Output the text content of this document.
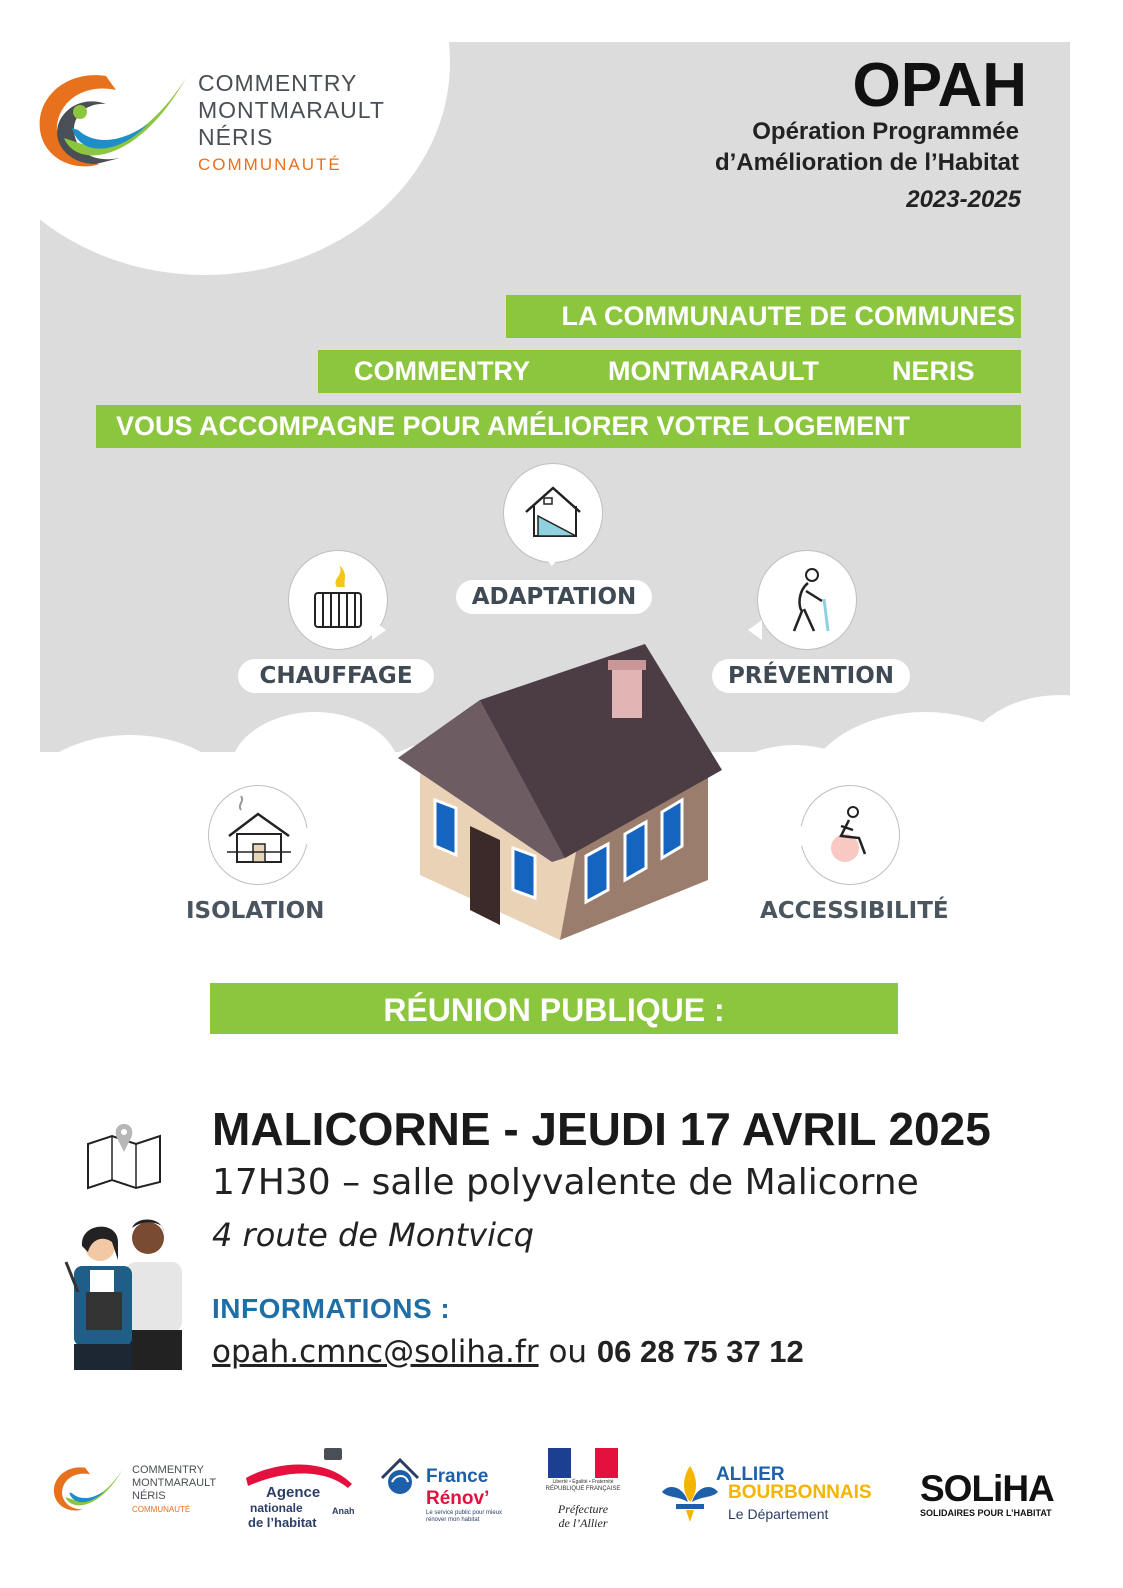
COMMENTRY
MONTMARAULT
NÉRIS
COMMUNAUTÉ
OPAH
Opération Programmée
d’Amélioration de l’Habitat
2023-2025
LA COMMUNAUTE DE COMMUNES
COMMENTRY	MONTMARAULT	NERIS
VOUS ACCOMPAGNE POUR AMÉLIORER VOTRE LOGEMENT
ADAPTATION
CHAUFFAGE	PRÉVENTION
ISOLATION	ACCESSIBILITÉ
RÉUNION PUBLIQUE :
MALICORNE - JEUDI 17 AVRIL 2025
17H30 – salle polyvalente de Malicorne
4 route de Montvicq
INFORMATIONS :
opah.cmnc@soliha.fr ou 06 28 75 37 12
COMMENTRY
MONTMARAULT
NÉRIS
COMMUNAUTÉ
Agence
nationale
de l’habitat
Anah
France
Rénov’
Le service public pour mieux rénover mon habitat
Liberté • Égalité • Fraternité
RÉPUBLIQUE FRANÇAISE
Préfecture
de l’Allier
ALLIER
BOURBONNAIS
Le Département
SOLiHA
SOLIDAIRES POUR L’HABITAT
